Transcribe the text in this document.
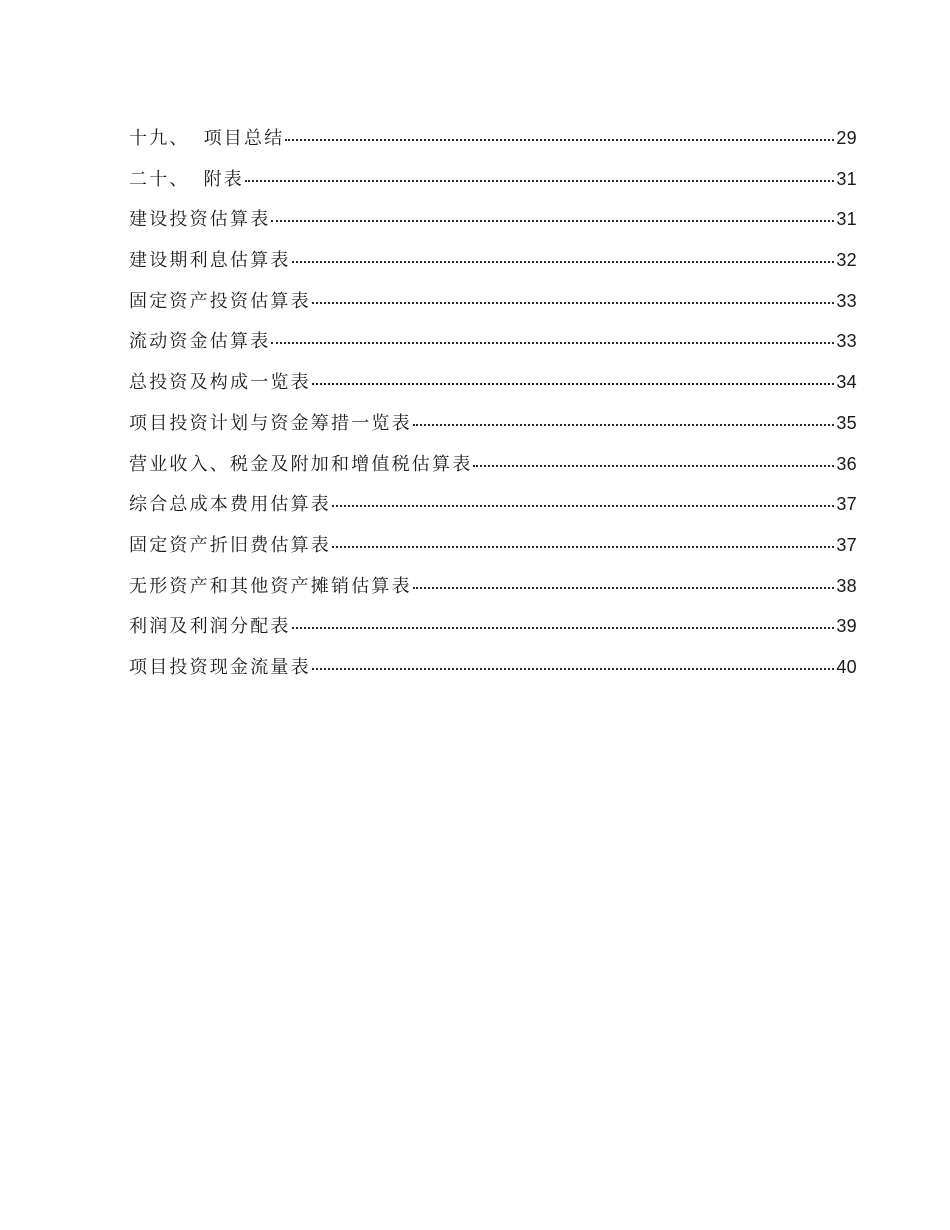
十九、 项目总结	29
二十、 附表	31
建设投资估算表	31
建设期利息估算表	32
固定资产投资估算表	33
流动资金估算表	33
总投资及构成一览表	34
项目投资计划与资金筹措一览表	35
营业收入、税金及附加和增值税估算表	36
综合总成本费用估算表	37
固定资产折旧费估算表	37
无形资产和其他资产摊销估算表	38
利润及利润分配表	39
项目投资现金流量表	40
